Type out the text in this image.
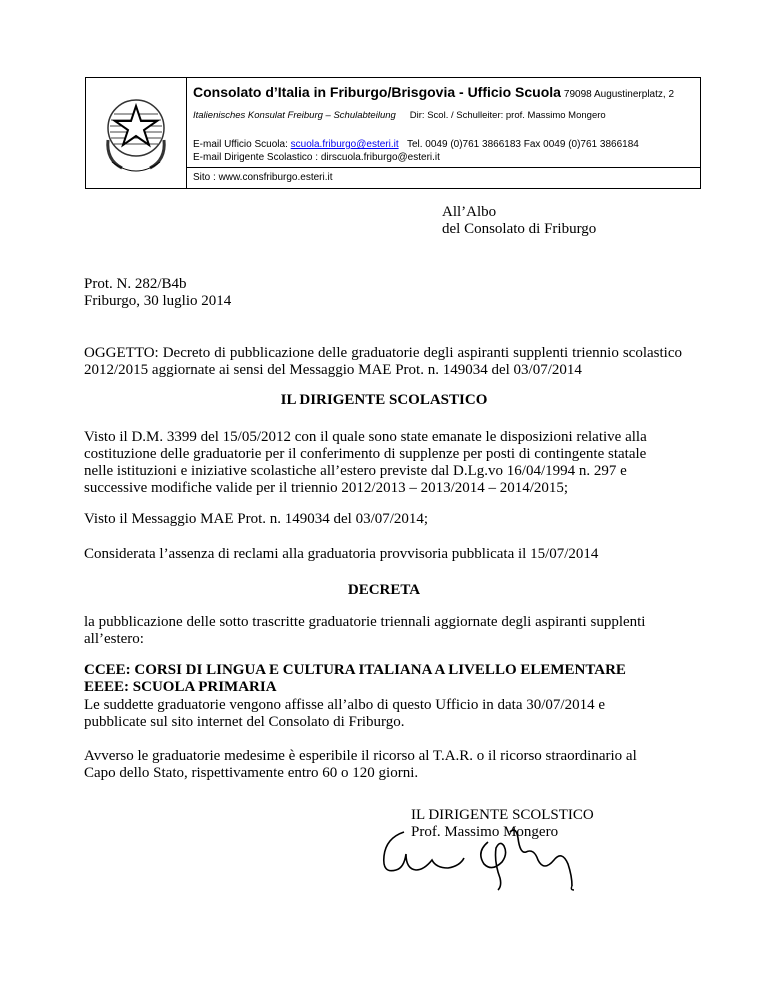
Consolato d’Italia in Friburgo/Brisgovia - Ufficio Scuola 79098 Augustinerplatz, 2
Italienisches Konsulat Freiburg – Schulabteilung Dir: Scol. / Schulleiter: prof. Massimo Mongero
E-mail Ufficio Scuola: scuola.friburgo@esteri.it Tel. 0049 (0)761 3866183 Fax 0049 (0)761 3866184
E-mail Dirigente Scolastico : dirscuola.friburgo@esteri.it
Sito : www.consfriburgo.esteri.it
All’Albo
del Consolato di Friburgo
Prot. N. 282/B4b
Friburgo, 30 luglio 2014
OGGETTO: Decreto di pubblicazione delle graduatorie degli aspiranti supplenti triennio scolastico 2012/2015 aggiornate ai sensi del Messaggio MAE Prot. n. 149034 del 03/07/2014
IL DIRIGENTE SCOLASTICO
Visto il D.M. 3399 del 15/05/2012 con il quale sono state emanate le disposizioni relative alla
costituzione delle graduatorie per il conferimento di supplenze per posti di contingente statale
nelle istituzioni e iniziative scolastiche all’estero previste dal D.Lg.vo 16/04/1994 n. 297 e
successive modifiche valide per il triennio 2012/2013 – 2013/2014 – 2014/2015;
Visto il Messaggio MAE Prot. n. 149034 del 03/07/2014;
Considerata l’assenza di reclami alla graduatoria provvisoria pubblicata il 15/07/2014
DECRETA
la pubblicazione delle sotto trascritte graduatorie triennali aggiornate degli aspiranti supplenti
all’estero:
CCEE: CORSI DI LINGUA E CULTURA ITALIANA A LIVELLO ELEMENTARE
EEEE: SCUOLA PRIMARIA
Le suddette graduatorie vengono affisse all’albo di questo Ufficio in data 30/07/2014 e
pubblicate sul sito internet del Consolato di Friburgo.
Avverso le graduatorie medesime è esperibile il ricorso al T.A.R. o il ricorso straordinario al
Capo dello Stato, rispettivamente entro 60 o 120 giorni.
IL DIRIGENTE SCOLSTICO
Prof. Massimo Mongero
